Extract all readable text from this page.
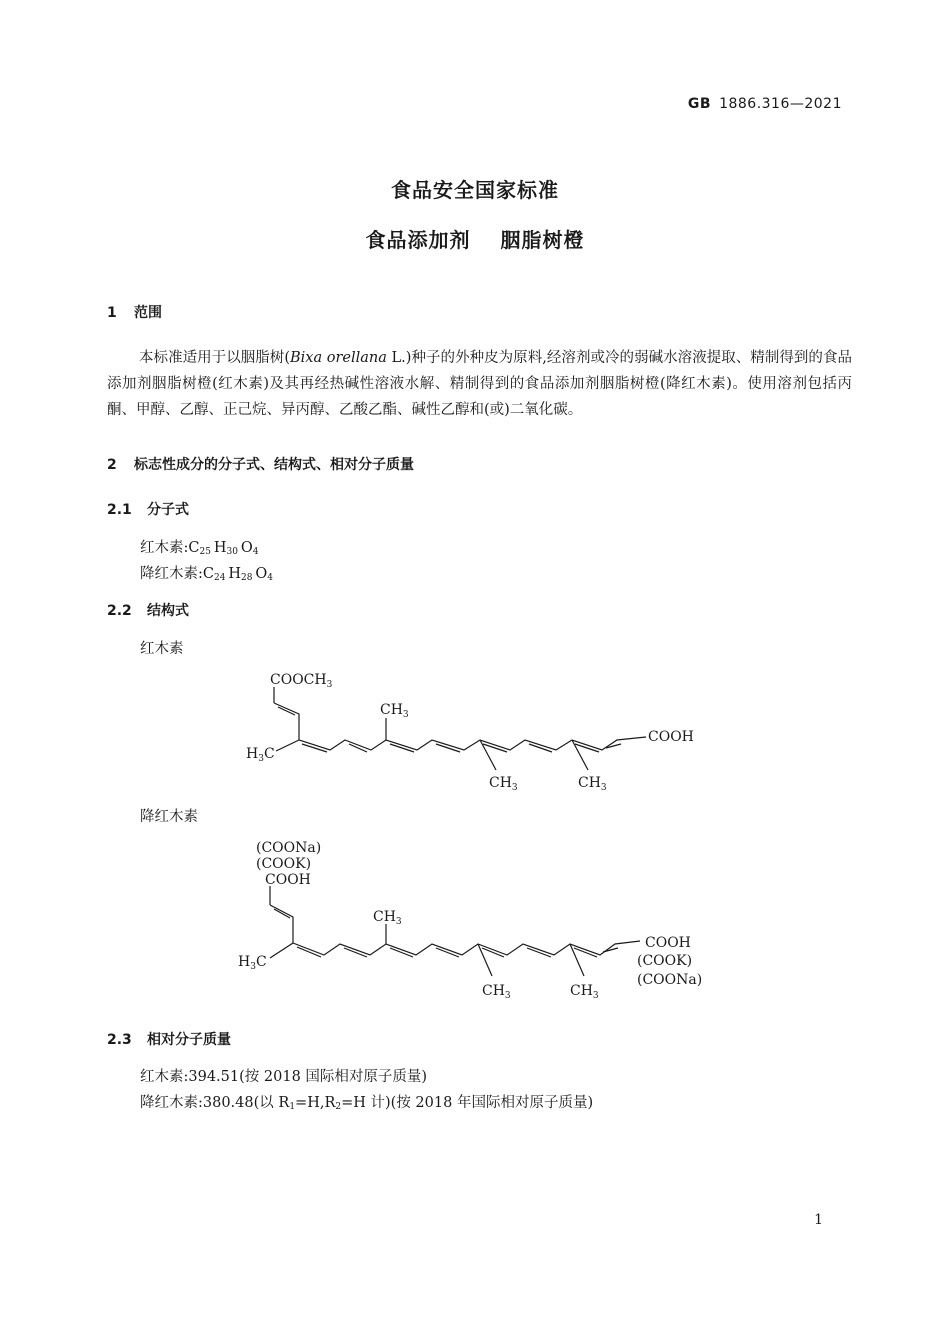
GB 1886.316—2021
食品安全国家标准
食品添加剂 胭脂树橙
1 范围
本标准适用于以胭脂树(Bixa orellana L.)种子的外种皮为原料,经溶剂或冷的弱碱水溶液提取、精制得到的食品添加剂胭脂树橙(红木素)及其再经热碱性溶液水解、精制得到的食品添加剂胭脂树橙(降红木素)。使用溶剂包括丙酮、甲醇、乙醇、正己烷、异丙醇、乙酸乙酯、碱性乙醇和(或)二氧化碳。
2 标志性成分的分子式、结构式、相对分子质量
2.1 分子式
红木素$:C_{25}$  $H_{30}$  $O_4$
降红木素$:C_{24}$  $H_{28}$  $O_4$
2.2 结构式
红木素
$COOCH_3$
$H_3C$
$CH_3$
$CH_3$	$CH_3$
COOH
(COONa)
(COOK)
COOH
$H_3C$
$CH_3$
$CH_3$	$CH_3$
COOH
(COOK)
(COONa)
降红木素
2.3 相对分子质量
红木素:394.51(按 2018 国际相对原子质量)
降红木素:380.48(以 $R_1=H,R_2=H$ 计)(按 2018 年国际相对原子质量)
1
